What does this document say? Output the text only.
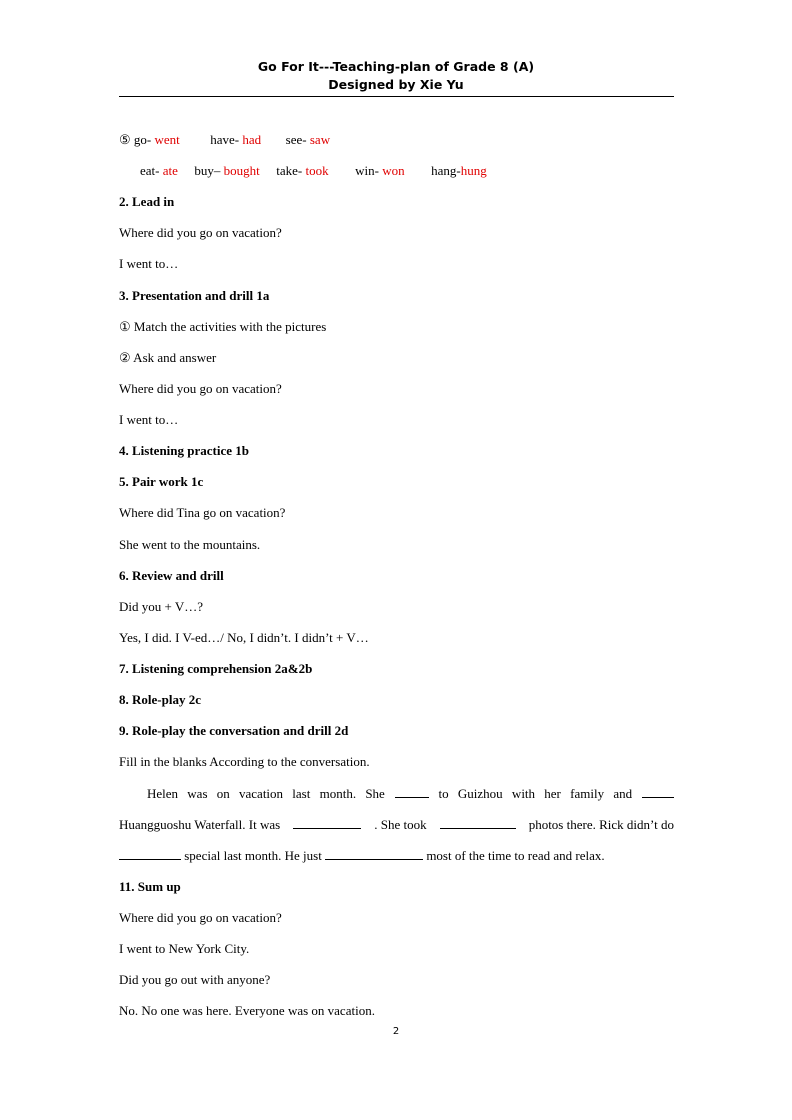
Go For It---Teaching-plan of Grade 8 (A)
Designed by Xie Yu
⑤ go- went have- had see- saw
eat- ate buy– bought take- took win- won hang-hung
2. Lead in
Where did you go on vacation?
I went to…
3. Presentation and drill 1a
① Match the activities with the pictures
② Ask and answer
Where did you go on vacation?
I went to…
4. Listening practice 1b
5. Pair work 1c
Where did Tina go on vacation?
She went to the mountains.
6. Review and drill
Did you + V…?
Yes, I did. I V-ed…/ No, I didn’t. I didn’t + V…
7. Listening comprehension 2a&2b
8. Role-play 2c
9. Role-play the conversation and drill 2d
Fill in the blanks According to the conversation.
Helen was on vacation last month. She	to Guizhou with her family and
Huangguoshu Waterfall. It was	. She took	photos there. Rick didn’t do
special last month. He just	most of the time to read and relax.
11. Sum up
Where did you go on vacation?
I went to New York City.
Did you go out with anyone?
No. No one was here. Everyone was on vacation.
2
